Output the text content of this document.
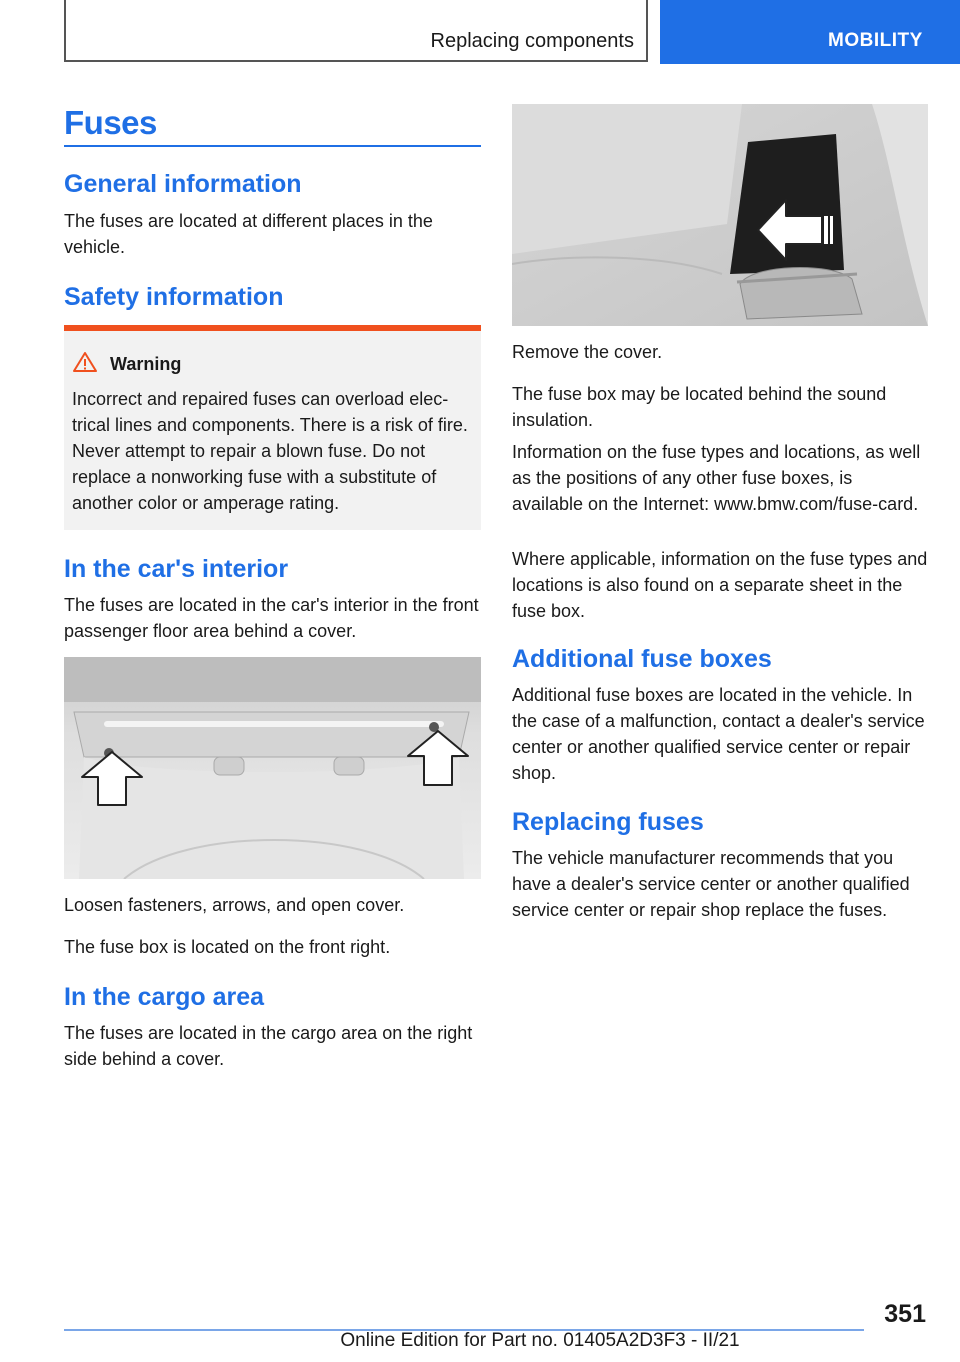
Replacing components	MOBILITY
Fuses
General information

The fuses are located at different places in the vehicle.

Safety information
Warning

Incorrect and repaired fuses can overload electrical lines and components. There is a risk of fire. Never attempt to repair a blown fuse. Do not replace a nonworking fuse with a substitute of another color or amperage rating.

In the car's interior

The fuses are located in the car's interior in the front passenger floor area behind a cover.

Loosen fasteners, arrows, and open cover.

The fuse box is located on the front right.

In the cargo area

The fuses are located in the cargo area on the right side behind a cover.

Remove the cover.

The fuse box may be located behind the sound insulation.

Information on the fuse types and locations, as well as the positions of any other fuse boxes, is available on the Internet: www.bmw.com/fuse-card.

Where applicable, information on the fuse types and locations is also found on a separate sheet in the fuse box.

Additional fuse boxes

Additional fuse boxes are located in the vehicle. In the case of a malfunction, contact a dealer's service center or another qualified service center or repair shop.

Replacing fuses

The vehicle manufacturer recommends that you have a dealer's service center or another qualified service center or repair shop replace the fuses.

351
Online Edition for Part no. 01405A2D3F3 - II/21
